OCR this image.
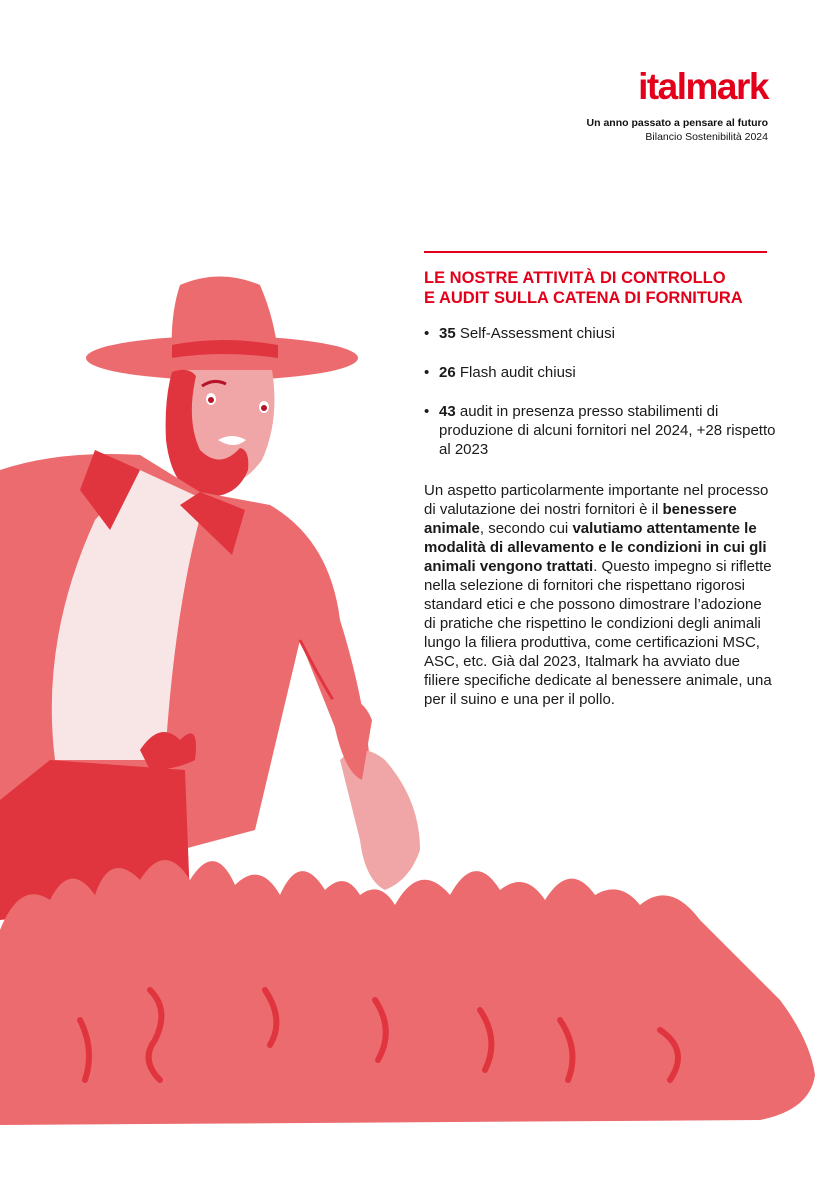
italmark
Un anno passato a pensare al futuro
Bilancio Sostenibilità 2024
LE NOSTRE ATTIVITÀ DI CONTROLLO
E AUDIT SULLA CATENA DI FORNITURA
• 35 Self-Assessment chiusi
• 26 Flash audit chiusi
• 43 audit in presenza presso stabilimenti di produzione di alcuni fornitori nel 2024, +28 rispetto al 2023

Un aspetto particolarmente importante nel processo di valutazione dei nostri fornitori è il benessere animale, secondo cui valutiamo attentamente le modalità di allevamento e le condizioni in cui gli animali vengono trattati. Questo impegno si riflette nella selezione di fornitori che rispettano rigorosi standard etici e che possono dimostrare l’adozione di pratiche che rispettino le condizioni degli animali lungo la filiera produttiva, come certificazioni MSC, ASC, etc. Già dal 2023, Italmark ha avviato due filiere specifiche dedicate al benessere animale, una per il suino e una per il pollo.
